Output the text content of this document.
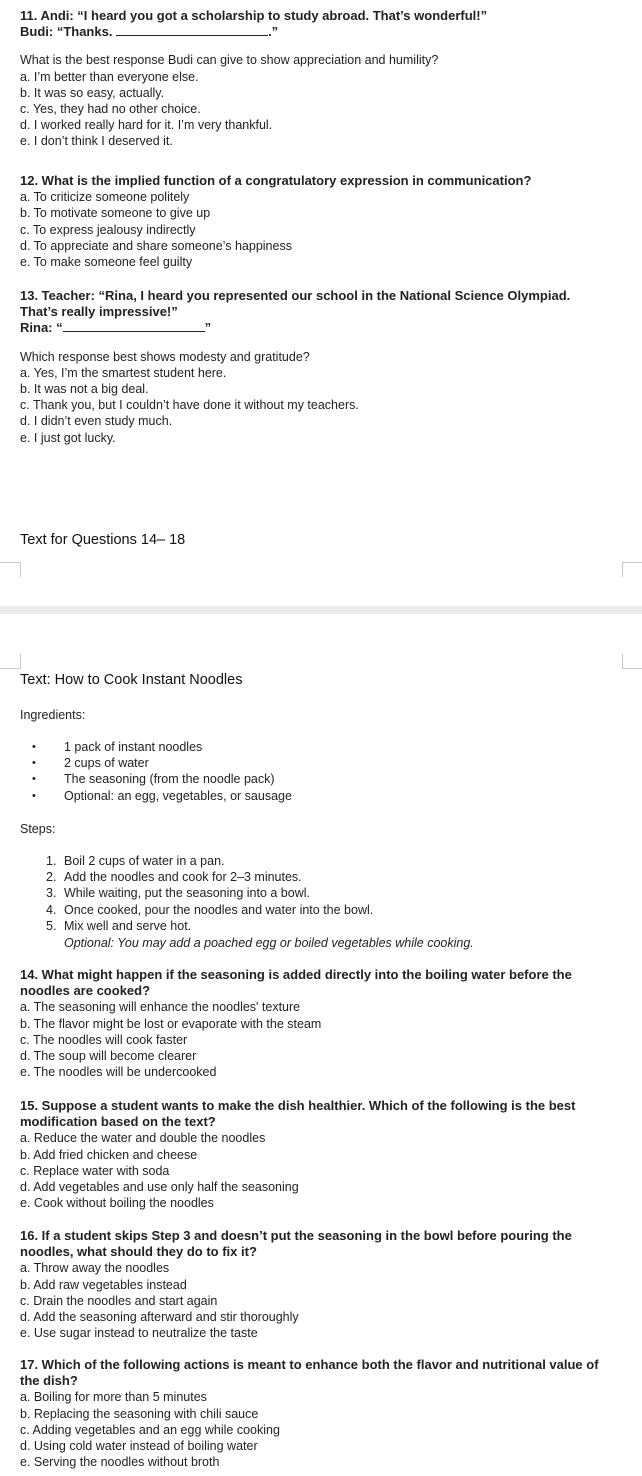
11. Andi: “I heard you got a scholarship to study abroad. That’s wonderful!”
Budi: “Thanks.	.”
What is the best response Budi can give to show appreciation and humility?
a. I’m better than everyone else.
b. It was so easy, actually.
c. Yes, they had no other choice.
d. I worked really hard for it. I’m very thankful.
e. I don’t think I deserved it.
12. What is the implied function of a congratulatory expression in communication?
a. To criticize someone politely
b. To motivate someone to give up
c. To express jealousy indirectly
d. To appreciate and share someone’s happiness
e. To make someone feel guilty
13. Teacher: “Rina, I heard you represented our school in the National Science Olympiad.
That’s really impressive!”
Rina: “	”
Which response best shows modesty and gratitude?
a. Yes, I’m the smartest student here.
b. It was not a big deal.
c. Thank you, but I couldn’t have done it without my teachers.
d. I didn’t even study much.
e. I just got lucky.
Text for Questions 14– 18
Text: How to Cook Instant Noodles
Ingredients:
• 1 pack of instant noodles
• 2 cups of water
• The seasoning (from the noodle pack)
• Optional: an egg, vegetables, or sausage
Steps:
1. Boil 2 cups of water in a pan.
2. Add the noodles and cook for 2–3 minutes.
3. While waiting, put the seasoning into a bowl.
4. Once cooked, pour the noodles and water into the bowl.
5. Mix well and serve hot.
Optional: You may add a poached egg or boiled vegetables while cooking.
14. What might happen if the seasoning is added directly into the boiling water before the
noodles are cooked?
a. The seasoning will enhance the noodles' texture
b. The flavor might be lost or evaporate with the steam
c. The noodles will cook faster
d. The soup will become clearer
e. The noodles will be undercooked
15. Suppose a student wants to make the dish healthier. Which of the following is the best
modification based on the text?
a. Reduce the water and double the noodles
b. Add fried chicken and cheese
c. Replace water with soda
d. Add vegetables and use only half the seasoning
e. Cook without boiling the noodles
16. If a student skips Step 3 and doesn’t put the seasoning in the bowl before pouring the
noodles, what should they do to fix it?
a. Throw away the noodles
b. Add raw vegetables instead
c. Drain the noodles and start again
d. Add the seasoning afterward and stir thoroughly
e. Use sugar instead to neutralize the taste
17. Which of the following actions is meant to enhance both the flavor and nutritional value of
the dish?
a. Boiling for more than 5 minutes
b. Replacing the seasoning with chili sauce
c. Adding vegetables and an egg while cooking
d. Using cold water instead of boiling water
e. Serving the noodles without broth
